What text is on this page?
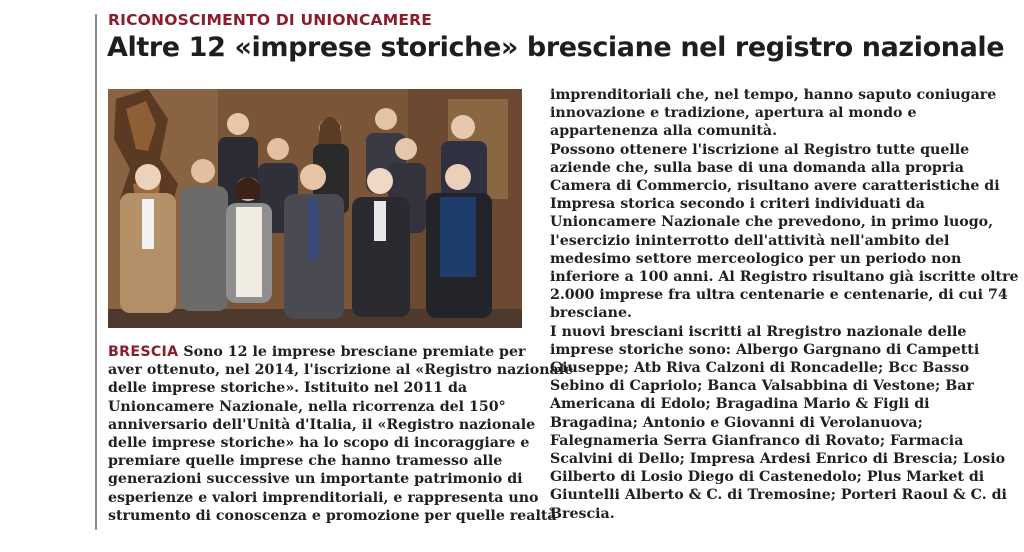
RICONOSCIMENTO DI UNIONCAMERE
Altre 12 «imprese storiche» bresciane nel registro nazionale
BRESCIA Sono 12 le imprese bresciane premiate per
aver ottenuto, nel 2014, l'iscrizione al «Registro nazionale
delle imprese storiche». Istituito nel 2011 da
Unioncamere Nazionale, nella ricorrenza del 150°
anniversario dell'Unità d'Italia, il «Registro nazionale
delle imprese storiche» ha lo scopo di incoraggiare e
premiare quelle imprese che hanno tramesso alle
generazioni successive un importante patrimonio di
esperienze e valori imprenditoriali, e rappresenta uno
strumento di conoscenza e promozione per quelle realtà
imprenditoriali che, nel tempo, hanno saputo coniugare
innovazione e tradizione, apertura al mondo e
appartenenza alla comunità.
Possono ottenere l'iscrizione al Registro tutte quelle
aziende che, sulla base di una domanda alla propria
Camera di Commercio, risultano avere caratteristiche di
Impresa storica secondo i criteri individuati da
Unioncamere Nazionale che prevedono, in primo luogo,
l'esercizio ininterrotto dell'attività nell'ambito del
medesimo settore merceologico per un periodo non
inferiore a 100 anni. Al Registro risultano già iscritte oltre
2.000 imprese fra ultra centenarie e centenarie, di cui 74
bresciane.
I nuovi bresciani iscritti al Rregistro nazionale delle
imprese storiche sono: Albergo Gargnano di Campetti
Giuseppe; Atb Riva Calzoni di Roncadelle; Bcc Basso
Sebino di Capriolo; Banca Valsabbina di Vestone; Bar
Americana di Edolo; Bragadina Mario & Figli di
Bragadina; Antonio e Giovanni di Verolanuova;
Falegnameria Serra Gianfranco di Rovato; Farmacia
Scalvini di Dello; Impresa Ardesi Enrico di Brescia; Losio
Gilberto di Losio Diego di Castenedolo; Plus Market di
Giuntelli Alberto & C. di Tremosine; Porteri Raoul & C. di
Brescia.
